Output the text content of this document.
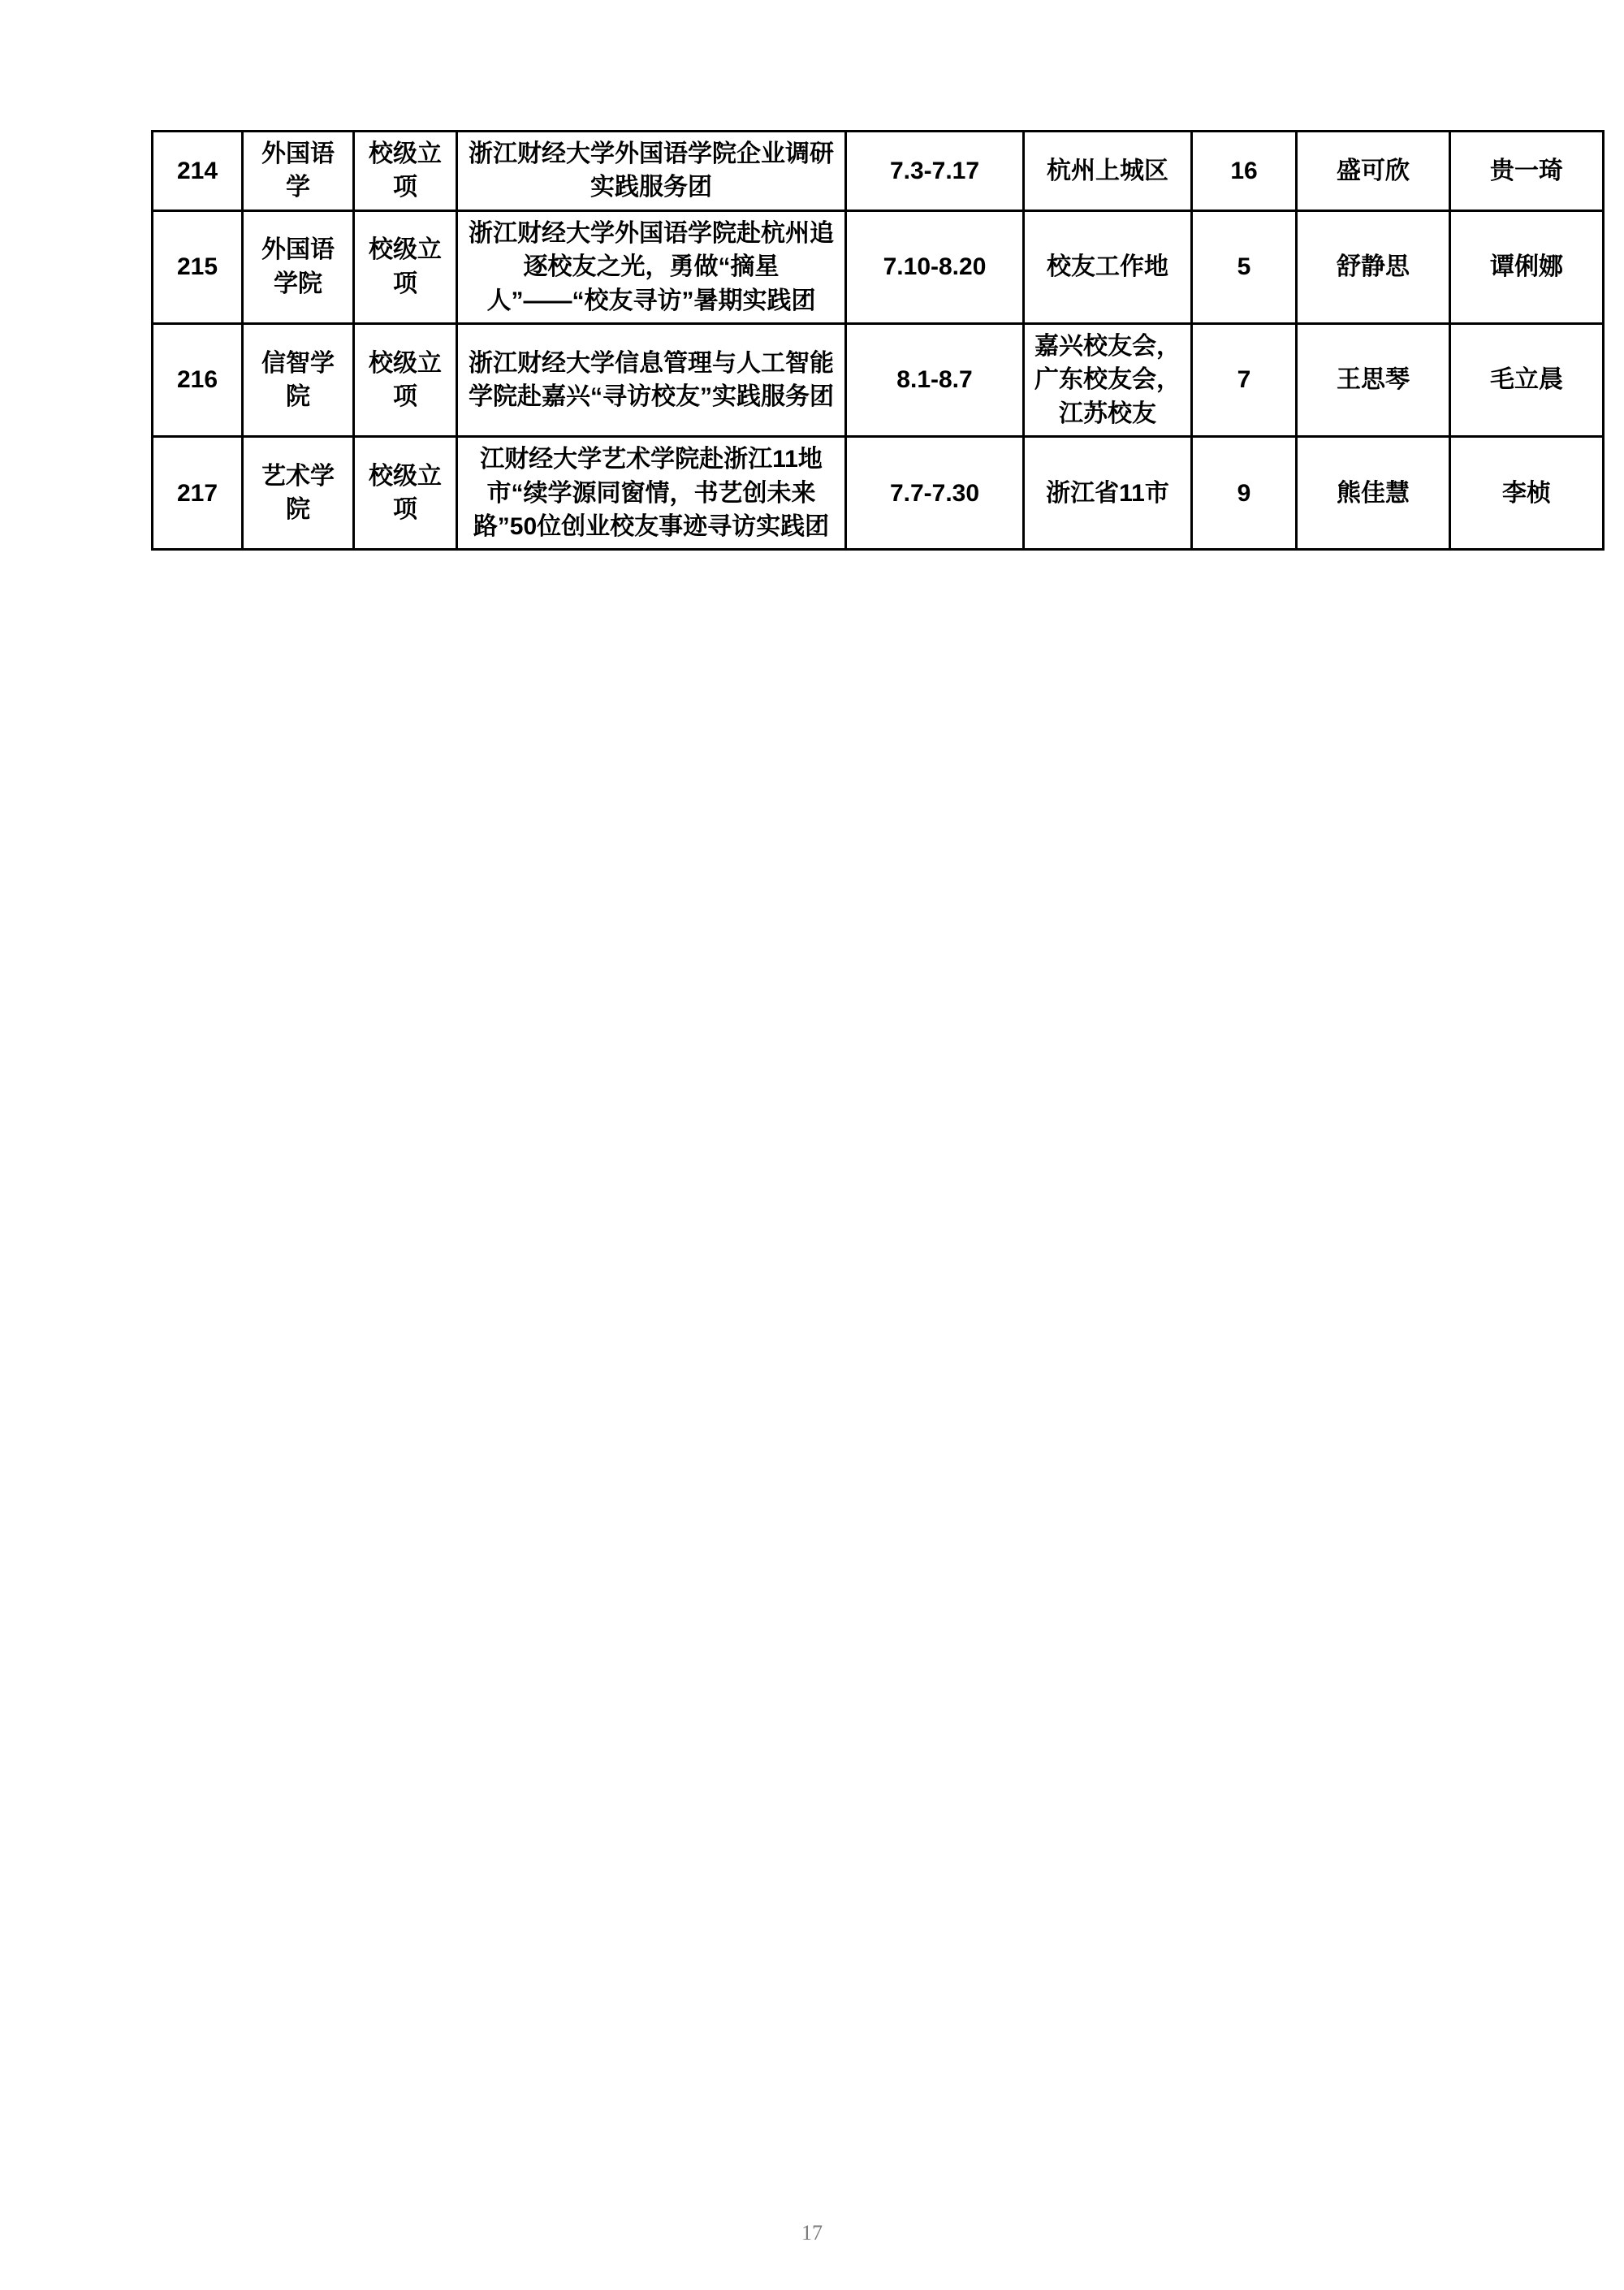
214	外国语学	校级立项	浙江财经大学外国语学院企业调研实践服务团	7.3-7.17	杭州上城区	16	盛可欣	贵一琦
215	外国语学院	校级立项	浙江财经大学外国语学院赴杭州追逐校友之光，勇做“摘星人”——“校友寻访”暑期实践团	7.10-8.20	校友工作地	5	舒静思	谭俐娜
216	信智学院	校级立项	浙江财经大学信息管理与人工智能学院赴嘉兴“寻访校友”实践服务团	8.1-8.7	嘉兴校友会，广东校友会，江苏校友	7	王思琴	毛立晨
217	艺术学院	校级立项	江财经大学艺术学院赴浙江11地市“续学源同窗情，书艺创未来路”50位创业校友事迹寻访实践团	7.7-7.30	浙江省11市	9	熊佳慧	李桢
17
